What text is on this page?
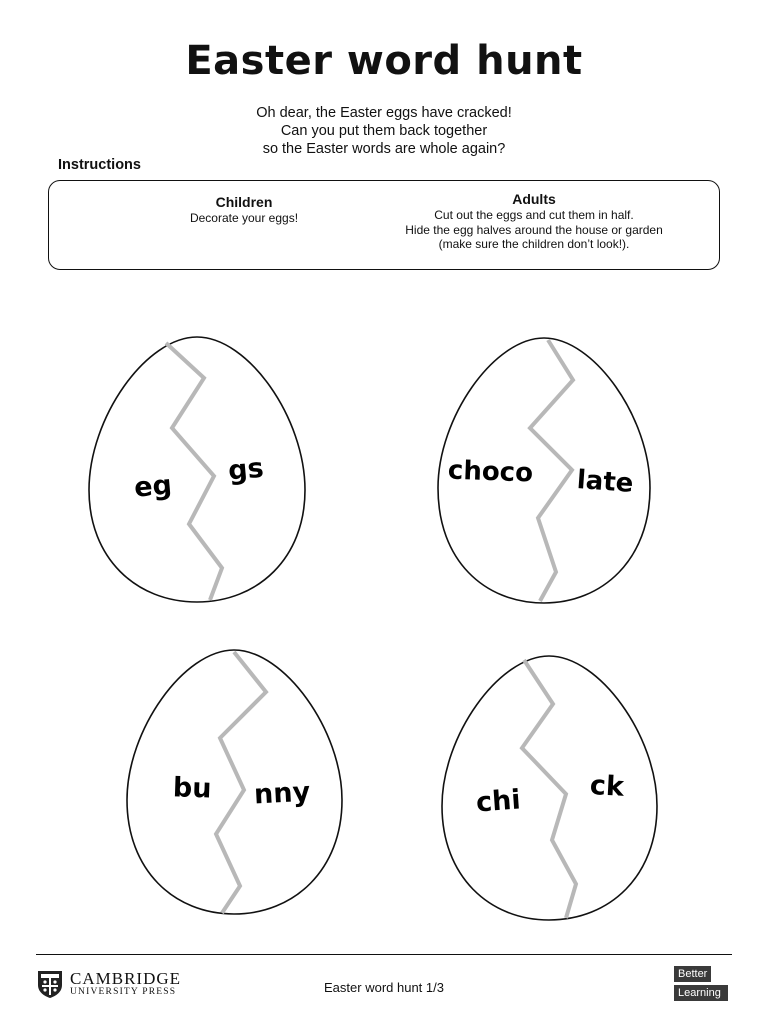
Easter word hunt
Oh dear, the Easter eggs have cracked!
Can you put them back together
so the Easter words are whole again?
Instructions
Children
Decorate your eggs!
Adults
Cut out the eggs and cut them in half.
Hide the egg halves around the house or garden
(make sure the children don’t look!).
eg gs	choco late
bu nny	chi	ck
CAMBRIDGE
UNIVERSITY PRESS	Easter word hunt 1/3
Better
Learning
